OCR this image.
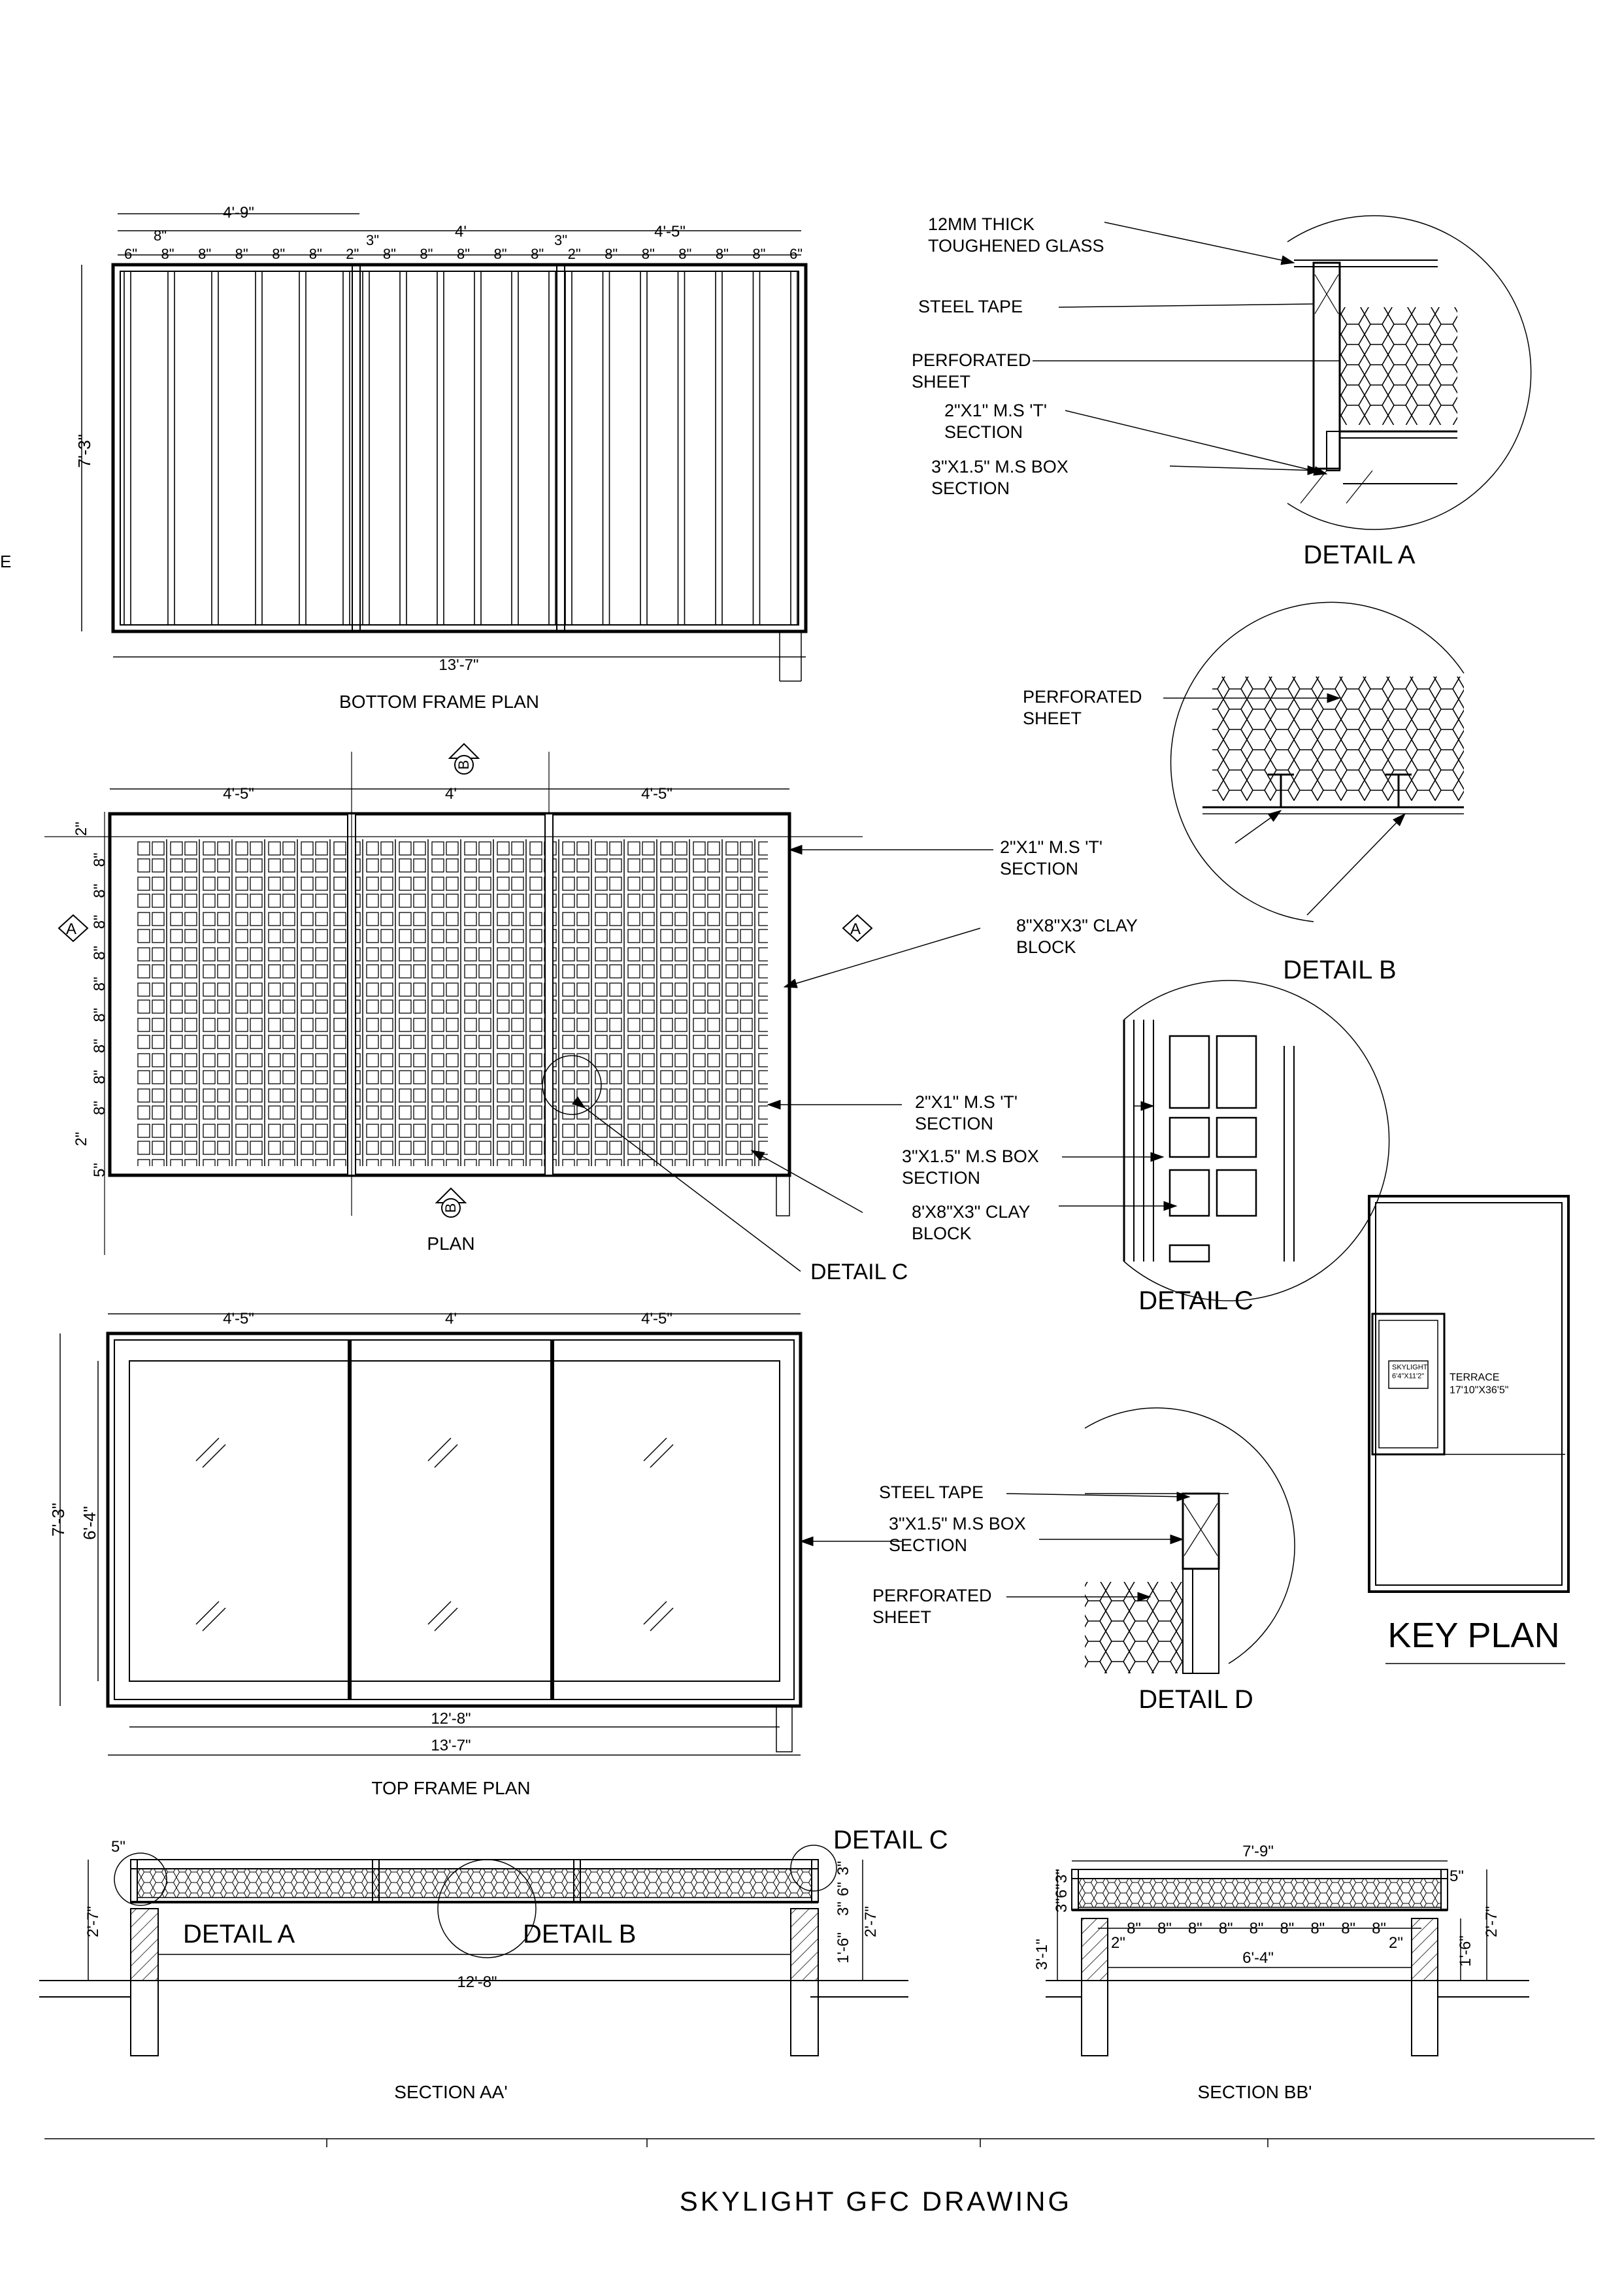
E
4'-9"
4'	4'-5"
8"	3"	3"
6" 8" 8" 8" 8" 8" 2" 8" 8" 8" 8" 8" 2" 8" 8" 8" 8" 8" 6"
7'-3"
13'-7"
BOTTOM FRAME PLAN
4'-5"	4'	4'-5"
B
B
A	A
2"
8"
8"
8"
8"
8"
8"
8"
8"
8"
2"
5"
DETAIL C
PLAN
2"X1" M.S 'T' SECTION
8"X8"X3" CLAY BLOCK
2"X1" M.S 'T' SECTION
3"X1.5" M.S BOX SECTION
8'X8"X3" CLAY BLOCK
4'-5"	4'	4'-5"
7'-3" 6'-4"
12'-8"
13'-7"
TOP FRAME PLAN
12MM THICK TOUGHENED GLASS
STEEL TAPE
PERFORATED SHEET
2"X1" M.S 'T' SECTION
3"X1.5" M.S BOX SECTION
DETAIL A
PERFORATED SHEET
DETAIL B
DETAIL C
STEEL TAPE
3"X1.5" M.S BOX SECTION
PERFORATED SHEET
DETAIL D
SKYLIGHT 6'4"X11'2"	TERRACE 17'10"X36'5"
KEY PLAN
5"
2'-7"
3"
3"
6"
1'-6"
2'-7"
12'-8"
DETAIL A	DETAIL B
DETAIL C
SECTION AA'
7'-9"
5"
8" 8" 8" 8" 8" 8" 8" 8" 8"
2"	2"
6'-4"
3"
6"
3"
3'-1"	1'-6"
2'-7"
SECTION BB'
SKYLIGHT GFC DRAWING
